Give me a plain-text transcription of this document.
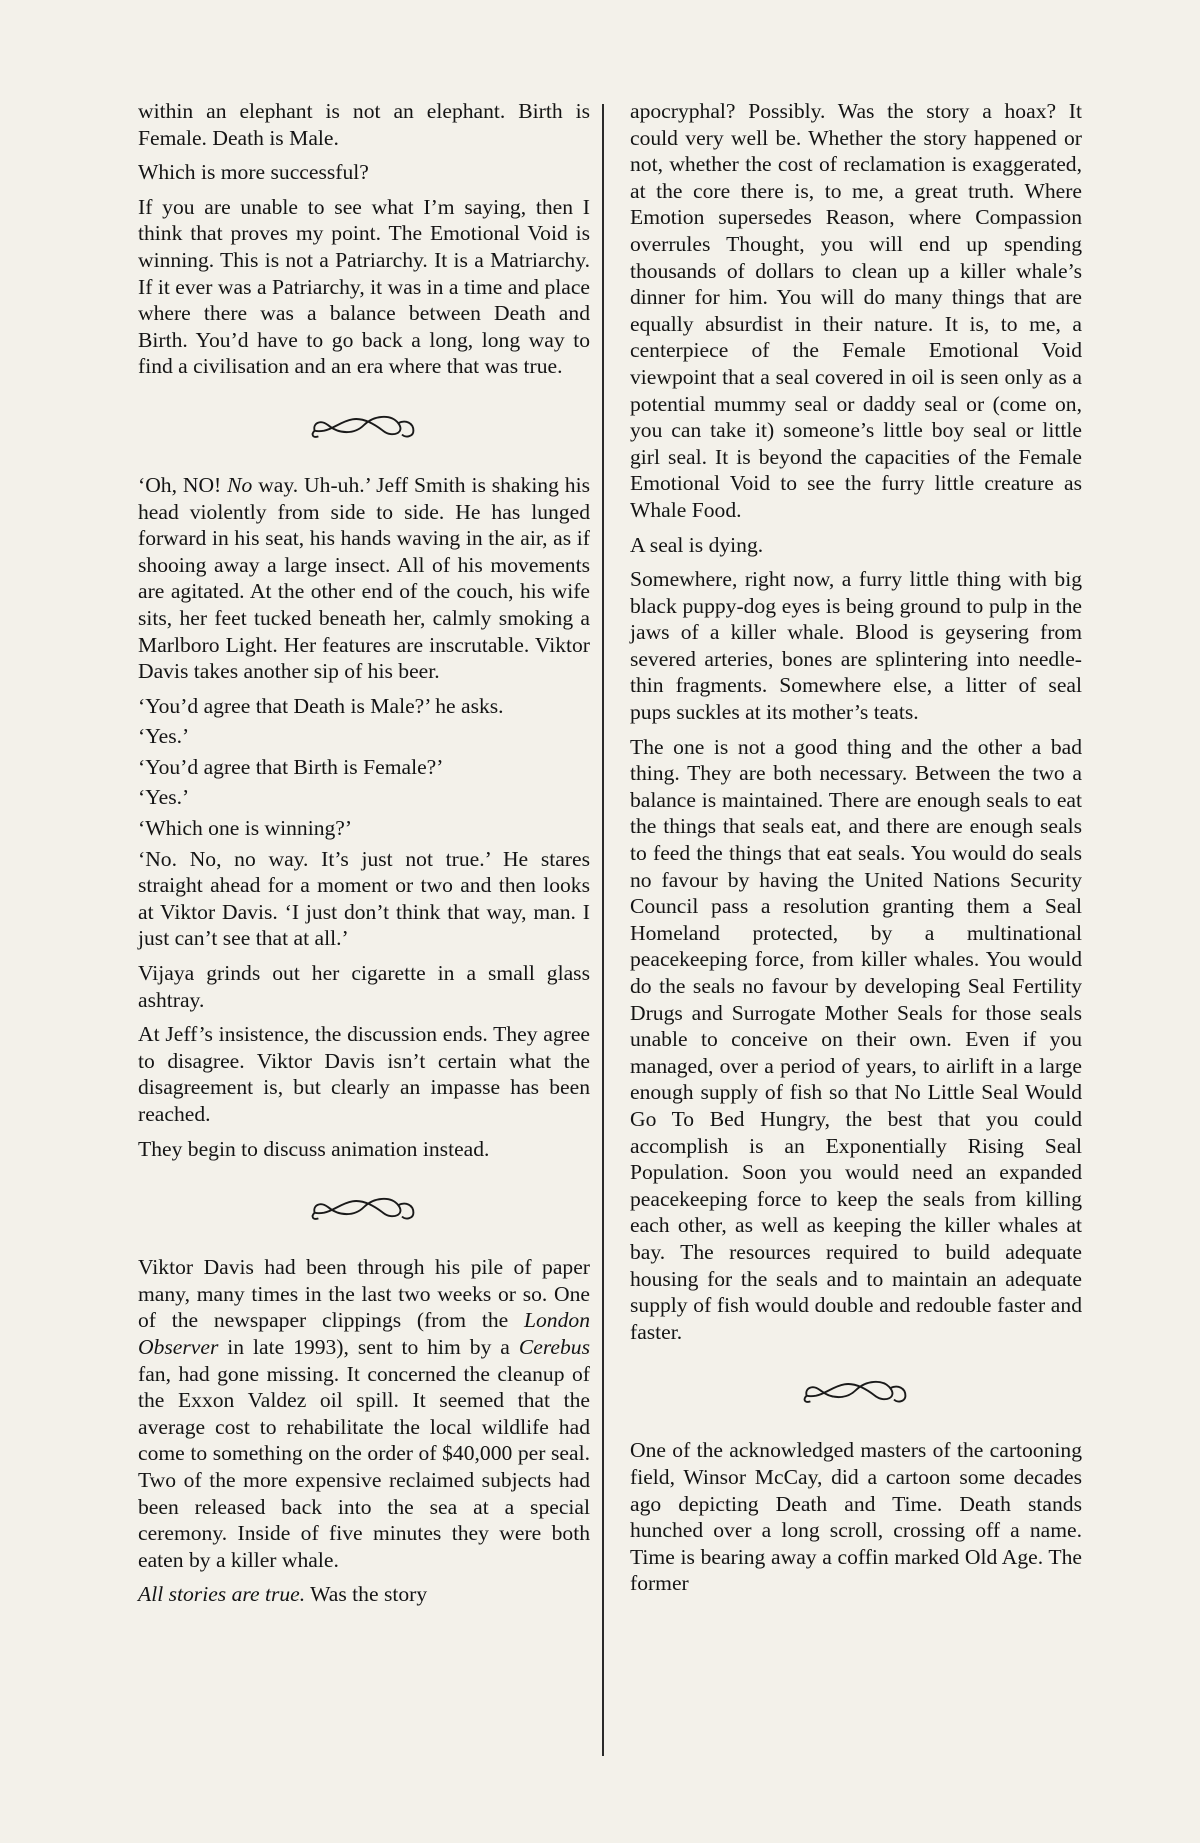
within an elephant is not an elephant. Birth is Female. Death is Male.

Which is more successful?

If you are unable to see what I’m saying, then I think that proves my point. The Emotional Void is winning. This is not a Patriarchy. It is a Matriarchy. If it ever was a Patriarchy, it was in a time and place where there was a balance between Death and Birth. You’d have to go back a long, long way to find a civilisation and an era where that was true.

‘Oh, NO! No way. Uh-uh.’ Jeff Smith is shaking his head violently from side to side. He has lunged forward in his seat, his hands waving in the air, as if shooing away a large insect. All of his movements are agitated. At the other end of the couch, his wife sits, her feet tucked beneath her, calmly smoking a Marlboro Light. Her features are inscrutable. Viktor Davis takes another sip of his beer.

‘You’d agree that Death is Male?’ he asks.

‘Yes.’

‘You’d agree that Birth is Female?’

‘Yes.’

‘Which one is winning?’

‘No. No, no way. It’s just not true.’ He stares straight ahead for a moment or two and then looks at Viktor Davis. ‘I just don’t think that way, man. I just can’t see that at all.’

Vijaya grinds out her cigarette in a small glass ashtray.

At Jeff’s insistence, the discussion ends. They agree to disagree. Viktor Davis isn’t certain what the disagreement is, but clearly an impasse has been reached.

They begin to discuss animation instead.

Viktor Davis had been through his pile of paper many, many times in the last two weeks or so. One of the newspaper clippings (from the London Observer in late 1993), sent to him by a Cerebus fan, had gone missing. It concerned the cleanup of the Exxon Valdez oil spill. It seemed that the average cost to rehabilitate the local wildlife had come to something on the order of $40,000 per seal. Two of the more expensive reclaimed subjects had been released back into the sea at a special ceremony. Inside of five minutes they were both eaten by a killer whale.

All stories are true. Was the story

apocryphal? Possibly. Was the story a hoax? It could very well be. Whether the story happened or not, whether the cost of reclamation is exaggerated, at the core there is, to me, a great truth. Where Emotion supersedes Reason, where Compassion overrules Thought, you will end up spending thousands of dollars to clean up a killer whale’s dinner for him. You will do many things that are equally absurdist in their nature. It is, to me, a centerpiece of the Female Emotional Void viewpoint that a seal covered in oil is seen only as a potential mummy seal or daddy seal or (come on, you can take it) someone’s little boy seal or little girl seal. It is beyond the capacities of the Female Emotional Void to see the furry little creature as Whale Food.

A seal is dying.

Somewhere, right now, a furry little thing with big black puppy-dog eyes is being ground to pulp in the jaws of a killer whale. Blood is geysering from severed arteries, bones are splintering into needle-thin fragments. Somewhere else, a litter of seal pups suckles at its mother’s teats.

The one is not a good thing and the other a bad thing. They are both necessary. Between the two a balance is maintained. There are enough seals to eat the things that seals eat, and there are enough seals to feed the things that eat seals. You would do seals no favour by having the United Nations Security Council pass a resolution granting them a Seal Homeland protected, by a multinational peacekeeping force, from killer whales. You would do the seals no favour by developing Seal Fertility Drugs and Surrogate Mother Seals for those seals unable to conceive on their own. Even if you managed, over a period of years, to airlift in a large enough supply of fish so that No Little Seal Would Go To Bed Hungry, the best that you could accomplish is an Exponentially Rising Seal Population. Soon you would need an expanded peacekeeping force to keep the seals from killing each other, as well as keeping the killer whales at bay. The resources required to build adequate housing for the seals and to maintain an adequate supply of fish would double and redouble faster and faster.

One of the acknowledged masters of the cartooning field, Winsor McCay, did a cartoon some decades ago depicting Death and Time. Death stands hunched over a long scroll, crossing off a name. Time is bearing away a coffin marked Old Age. The former
